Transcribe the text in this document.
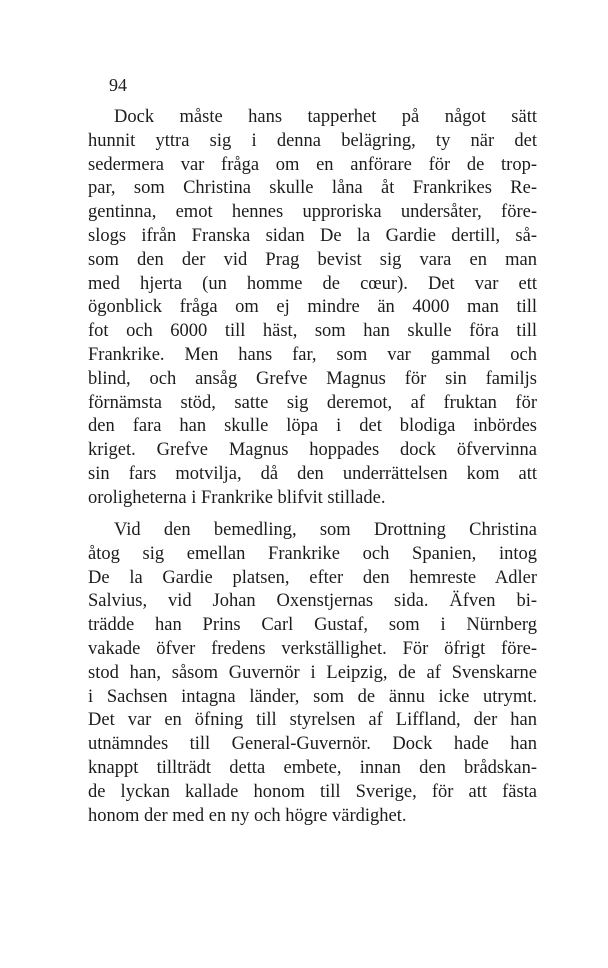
94
Dock måste hans tapperhet på något sätt
hunnit yttra sig i denna belägring, ty när det
sedermera var fråga om en anförare för de trop-
par, som Christina skulle låna åt Frankrikes Re-
gentinna, emot hennes upproriska undersåter, före-
slogs ifrån Franska sidan De la Gardie dertill, så-
som den der vid Prag bevist sig vara en man
med hjerta (un homme de cœur). Det var ett
ögonblick fråga om ej mindre än 4000 man till
fot och 6000 till häst, som han skulle föra till
Frankrike. Men hans far, som var gammal och
blind, och ansåg Grefve Magnus för sin familjs
förnämsta stöd, satte sig deremot, af fruktan för
den fara han skulle löpa i det blodiga inbördes
kriget. Grefve Magnus hoppades dock öfvervinna
sin fars motvilja, då den underrättelsen kom att
oroligheterna i Frankrike blifvit stillade.
Vid den bemedling, som Drottning Christina
åtog sig emellan Frankrike och Spanien, intog
De la Gardie platsen, efter den hemreste Adler
Salvius, vid Johan Oxenstjernas sida. Äfven bi-
trädde han Prins Carl Gustaf, som i Nürnberg
vakade öfver fredens verkställighet. För öfrigt före-
stod han, såsom Guvernör i Leipzig, de af Svenskarne
i Sachsen intagna länder, som de ännu icke utrymt.
Det var en öfning till styrelsen af Liffland, der han
utnämndes till General-Guvernör. Dock hade han
knappt tillträdt detta embete, innan den brådskan-
de lyckan kallade honom till Sverige, för att fästa
honom der med en ny och högre värdighet.
